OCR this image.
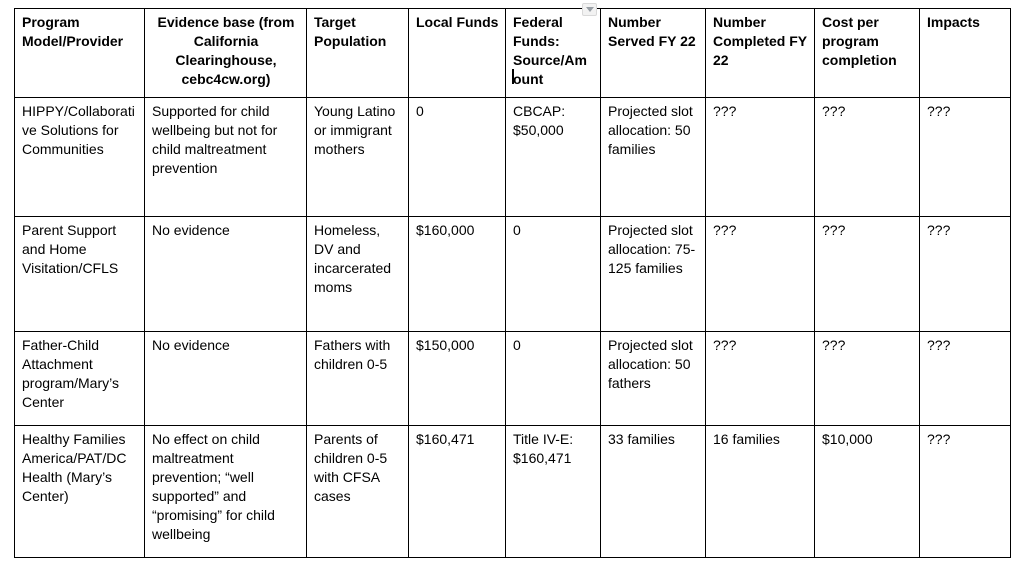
Program Model/Provider	Evidence base (from California Clearinghouse, cebc4cw.org)	Target Population	Local Funds	Federal Funds: Source/Amount	Number Served FY 22	Number Completed FY 22	Cost per program completion	Impacts
HIPPY/Collaborative Solutions for Communities	Supported for child wellbeing but not for child maltreatment prevention	Young Latino or immigrant mothers	0	CBCAP: $50,000	Projected slot allocation: 50 families	???	???	???
Parent Support and Home Visitation/CFLS	No evidence	Homeless, DV and incarcerated moms	$160,000	0	Projected slot allocation: 75-125 families	???	???	???
Father-Child Attachment program/Mary’s Center	No evidence	Fathers with children 0-5	$150,000	0	Projected slot allocation: 50 fathers	???	???	???
Healthy Families America/PAT/DC Health (Mary’s Center)	No effect on child maltreatment prevention; “well supported” and “promising” for child wellbeing	Parents of children 0-5 with CFSA cases	$160,471	Title IV-E: $160,471	33 families	16 families	$10,000	???
